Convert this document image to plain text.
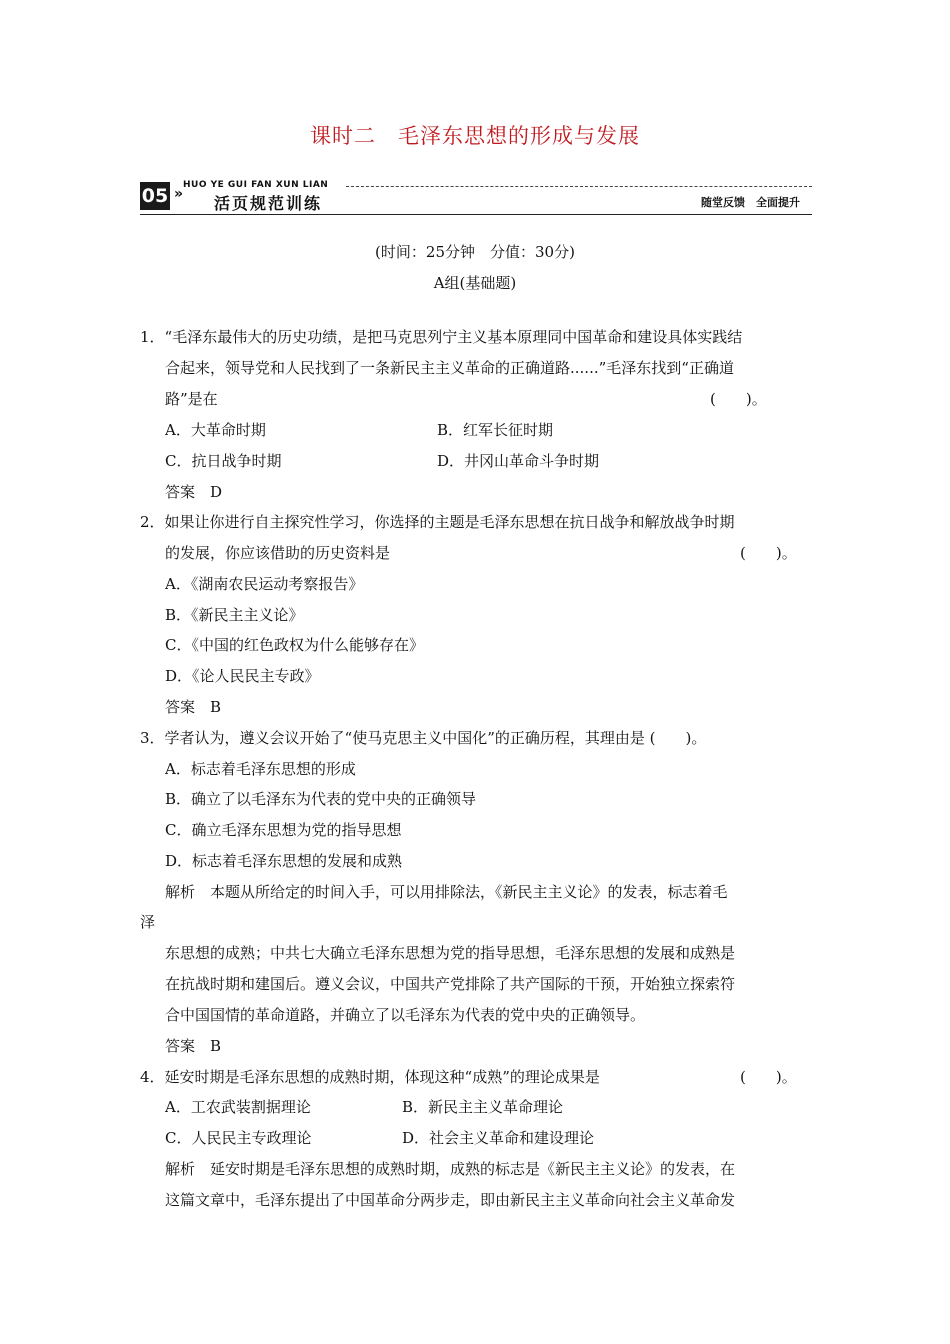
课时二　毛泽东思想的形成与发展
05 »
HUO YE GUI FAN XUN LIAN
活页规范训练	随堂反馈　全面提升
(时间：25分钟　分值：30分)
A组(基础题)
1．“毛泽东最伟大的历史功绩，是把马克思列宁主义基本原理同中国革命和建设具体实践结
合起来，领导党和人民找到了一条新民主主义革命的正确道路......”毛泽东找到“正确道
路”是在	(　　)。
A．大革命时期	B．红军长征时期
C．抗日战争时期	D．井冈山革命斗争时期
答案　D
2．如果让你进行自主探究性学习，你选择的主题是毛泽东思想在抗日战争和解放战争时期
的发展，你应该借助的历史资料是	(　　)。
A．《湖南农民运动考察报告》
B．《新民主主义论》
C．《中国的红色政权为什么能够存在》
D．《论人民民主专政》
答案　B
3．学者认为，遵义会议开始了“使马克思主义中国化”的正确历程，其理由是 (　　)。
A．标志着毛泽东思想的形成
B．确立了以毛泽东为代表的党中央的正确领导
C．确立毛泽东思想为党的指导思想
D．标志着毛泽东思想的发展和成熟
解析　本题从所给定的时间入手，可以用排除法，《新民主主义论》的发表，标志着毛
泽
东思想的成熟；中共七大确立毛泽东思想为党的指导思想，毛泽东思想的发展和成熟是
在抗战时期和建国后。遵义会议，中国共产党排除了共产国际的干预，开始独立探索符
合中国国情的革命道路，并确立了以毛泽东为代表的党中央的正确领导。
答案　B
4．延安时期是毛泽东思想的成熟时期，体现这种“成熟”的理论成果是	(　　)。
A．工农武装割据理论	B．新民主主义革命理论
C．人民民主专政理论	D．社会主义革命和建设理论
解析　延安时期是毛泽东思想的成熟时期，成熟的标志是《新民主主义论》的发表，在
这篇文章中，毛泽东提出了中国革命分两步走，即由新民主主义革命向社会主义革命发
